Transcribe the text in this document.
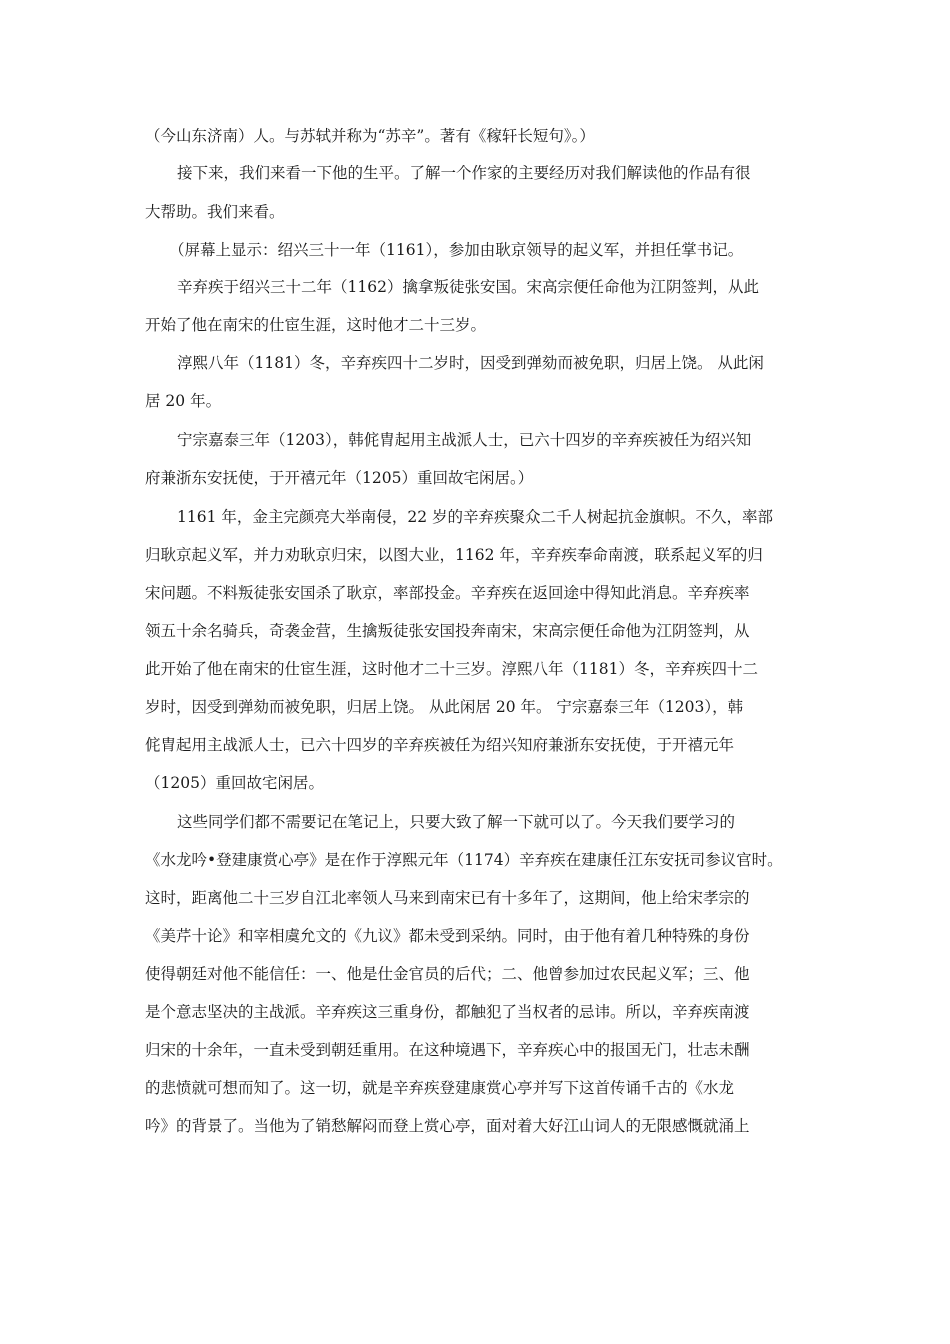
（今山东济南）人。与苏轼并称为“苏辛”。著有《稼轩长短句》。）
接下来，我们来看一下他的生平。了解一个作家的主要经历对我们解读他的作品有很
大帮助。我们来看。
（屏幕上显示：绍兴三十一年（1161），参加由耿京领导的起义军，并担任掌书记。
辛弃疾于绍兴三十二年（1162）擒拿叛徒张安国。宋高宗便任命他为江阴签判，从此
开始了他在南宋的仕宦生涯，这时他才二十三岁。
淳熙八年（1181）冬，辛弃疾四十二岁时，因受到弹劾而被免职，归居上饶。 从此闲
居 20 年。
宁宗嘉泰三年（1203），韩侂胄起用主战派人士，已六十四岁的辛弃疾被任为绍兴知
府兼浙东安抚使，于开禧元年（1205）重回故宅闲居。）
1161 年，金主完颜亮大举南侵，22 岁的辛弃疾聚众二千人树起抗金旗帜。不久，率部
归耿京起义军，并力劝耿京归宋，以图大业，1162 年，辛弃疾奉命南渡，联系起义军的归
宋问题。不料叛徒张安国杀了耿京，率部投金。辛弃疾在返回途中得知此消息。辛弃疾率
领五十余名骑兵，奇袭金营，生擒叛徒张安国投奔南宋，宋高宗便任命他为江阴签判，从
此开始了他在南宋的仕宦生涯，这时他才二十三岁。淳熙八年（1181）冬，辛弃疾四十二
岁时，因受到弹劾而被免职，归居上饶。 从此闲居 20 年。 宁宗嘉泰三年（1203），韩
侂胄起用主战派人士，已六十四岁的辛弃疾被任为绍兴知府兼浙东安抚使，于开禧元年
（1205）重回故宅闲居。
这些同学们都不需要记在笔记上，只要大致了解一下就可以了。今天我们要学习的
《水龙吟•登建康赏心亭》是在作于淳熙元年（1174）辛弃疾在建康任江东安抚司参议官时。
这时，距离他二十三岁自江北率领人马来到南宋已有十多年了，这期间，他上给宋孝宗的
《美芹十论》和宰相虞允文的《九议》都未受到采纳。同时，由于他有着几种特殊的身份
使得朝廷对他不能信任：一、他是仕金官员的后代；二、他曾参加过农民起义军；三、他
是个意志坚决的主战派。辛弃疾这三重身份，都触犯了当权者的忌讳。所以，辛弃疾南渡
归宋的十余年，一直未受到朝廷重用。在这种境遇下，辛弃疾心中的报国无门，壮志未酬
的悲愤就可想而知了。这一切，就是辛弃疾登建康赏心亭并写下这首传诵千古的《水龙
吟》的背景了。当他为了销愁解闷而登上赏心亭，面对着大好江山词人的无限感慨就涌上
